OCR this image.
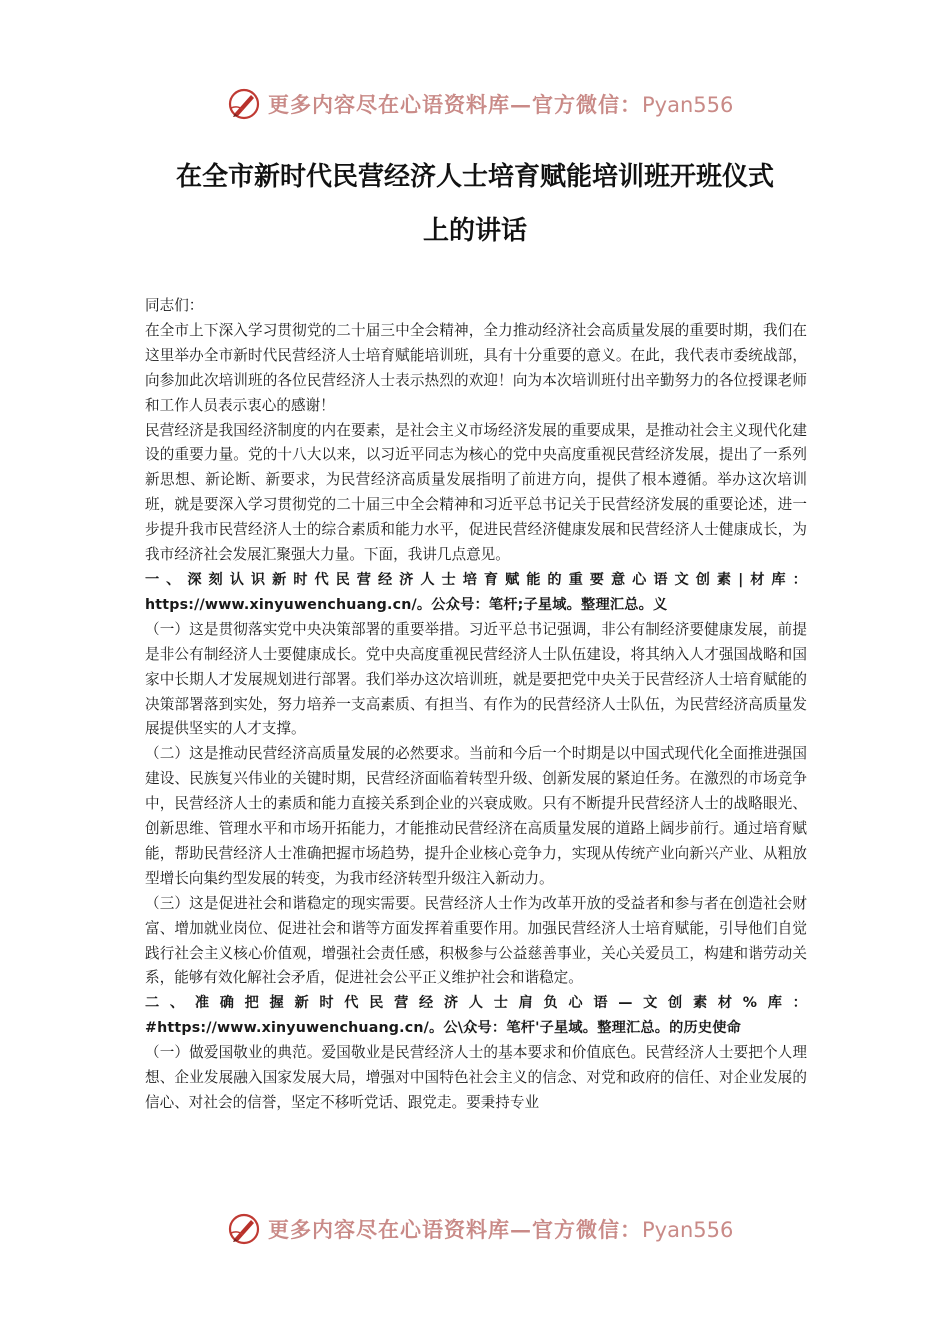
更多内容尽在心语资料库—官方微信：Pyan556
在全市新时代民营经济人士培育赋能培训班开班仪式
上的讲话

同志们：

在全市上下深入学习贯彻党的二十届三中全会精神，全力推动经济社会高质量发展的重要时期，我们在这里举办全市新时代民营经济人士培育赋能培训班，具有十分重要的意义。在此，我代表市委统战部，向参加此次培训班的各位民营经济人士表示热烈的欢迎！向为本次培训班付出辛勤努力的各位授课老师和工作人员表示衷心的感谢！

民营经济是我国经济制度的内在要素，是社会主义市场经济发展的重要成果，是推动社会主义现代化建设的重要力量。党的十八大以来，以习近平同志为核心的党中央高度重视民营经济发展，提出了一系列新思想、新论断、新要求，为民营经济高质量发展指明了前进方向，提供了根本遵循。举办这次培训班，就是要深入学习贯彻党的二十届三中全会精神和习近平总书记关于民营经济发展的重要论述，进一步提升我市民营经济人士的综合素质和能力水平，促进民营经济健康发展和民营经济人士健康成长，为我市经济社会发展汇聚强大力量。下面，我讲几点意见。

一、深刻认识新时代民营经济人士培育赋能的重要意心语文创素|材库：https://www.xinyuwenchuang.cn/。公众号：笔杆;子星域。整理汇总。义

（一）这是贯彻落实党中央决策部署的重要举措。习近平总书记强调，非公有制经济要健康发展，前提是非公有制经济人士要健康成长。党中央高度重视民营经济人士队伍建设，将其纳入人才强国战略和国家中长期人才发展规划进行部署。我们举办这次培训班，就是要把党中央关于民营经济人士培育赋能的决策部署落到实处，努力培养一支高素质、有担当、有作为的民营经济人士队伍，为民营经济高质量发展提供坚实的人才支撑。

（二）这是推动民营经济高质量发展的必然要求。当前和今后一个时期是以中国式现代化全面推进强国建设、民族复兴伟业的关键时期，民营经济面临着转型升级、创新发展的紧迫任务。在激烈的市场竞争中，民营经济人士的素质和能力直接关系到企业的兴衰成败。只有不断提升民营经济人士的战略眼光、创新思维、管理水平和市场开拓能力，才能推动民营经济在高质量发展的道路上阔步前行。通过培育赋能，帮助民营经济人士准确把握市场趋势，提升企业核心竞争力，实现从传统产业向新兴产业、从粗放型增长向集约型发展的转变，为我市经济转型升级注入新动力。

（三）这是促进社会和谐稳定的现实需要。民营经济人士作为改革开放的受益者和参与者在创造社会财富、增加就业岗位、促进社会和谐等方面发挥着重要作用。加强民营经济人士培育赋能，引导他们自觉践行社会主义核心价值观，增强社会责任感，积极参与公益慈善事业，关心关爱员工，构建和谐劳动关系，能够有效化解社会矛盾，促进社会公平正义维护社会和谐稳定。

二、准确把握新时代民营经济人士肩负心语—文创素材%库：#https://www.xinyuwenchuang.cn/。公\众号：笔杆'子星域。整理汇总。的历史使命

（一）做爱国敬业的典范。爱国敬业是民营经济人士的基本要求和价值底色。民营经济人士要把个人理想、企业发展融入国家发展大局，增强对中国特色社会主义的信念、对党和政府的信任、对企业发展的信心、对社会的信誉，坚定不移听党话、跟党走。要秉持专业

更多内容尽在心语资料库—官方微信：Pyan556
